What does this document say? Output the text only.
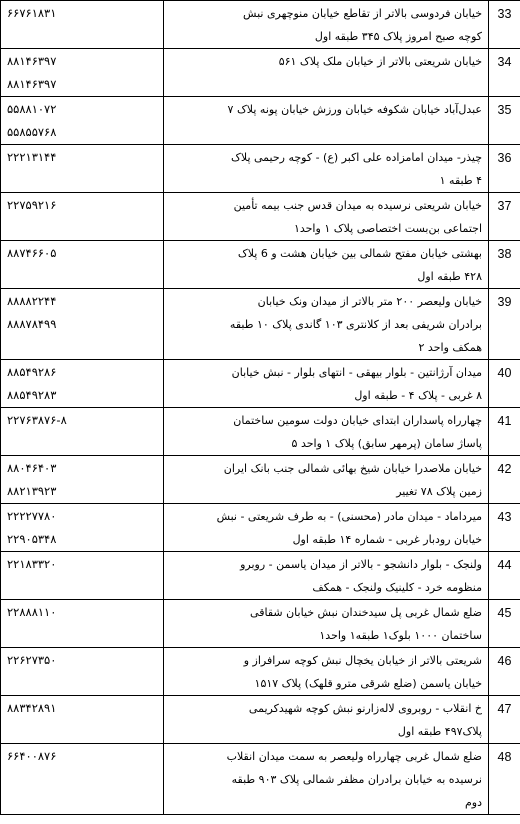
۶۶۷۶۱۸۳۱	خیابان فردوسی بالاتر از تقاطع خیابان منوچهری نبش
کوچه صبح امروز پلاک ۳۴۵ طبقه اول	33

۸۸۱۴۶۳۹۷
۸۸۱۴۶۳۹۷	خیابان شریعتی بالاتر از خیابان ملک پلاک ۵۶۱	34

۵۵۸۸۱۰۷۲
۵۵۸۵۵۷۶۸	عبدل‌آباد خیابان شکوفه خیابان ورزش خیابان پونه پلاک ۷	35

۲۲۲۱۳۱۴۴	چیذر- میدان امامزاده علی اکبر (ع) - کوچه رحیمی پلاک
۴ طبقه ۱	36

۲۲۷۵۹۲۱۶	خیابان شریعتی نرسیده به میدان قدس جنب بیمه تأمین
اجتماعی بن‌بست اختصاصی پلاک ۱ واحد۱	37

۸۸۷۴۶۶۰۵	بهشتی خیابان مفتح شمالی بین خیابان هشت و 6 پلاک
۴۲۸ طبقه اول	38

۸۸۸۸۲۲۴۴
۸۸۸۷۸۴۹۹	خیابان ولیعصر ۲۰۰ متر بالاتر از میدان ونک خیابان
برادران شریفی بعد از کلانتری ۱۰۳ گاندی پلاک ۱۰ طبقه
همکف واحد ۲	39

۸۸۵۴۹۲۸۶
۸۸۵۴۹۲۸۳	میدان آرژانتین - بلوار بیهقی - انتهای بلوار - نبش خیابان
۸ غربی - پلاک ۴ - طبقه اول	40

۲۲۷۶۳۸۷۶-۸	چهارراه پاسداران ابتدای خیابان دولت سومین ساختمان
پاساژ سامان (پرمهر سابق) پلاک ۱ واحد ۵	41

۸۸۰۴۶۴۰۳
۸۸۲۱۳۹۲۳	خیابان ملاصدرا خیابان شیخ بهائی شمالی جنب بانک ایران
زمین پلاک ۷۸ تغییر	42

۲۲۲۲۷۷۸۰
۲۲۹۰۵۳۴۸	میرداماد - میدان مادر (محسنی) - به طرف شریعتی - نبش
خیابان رودبار غربی - شماره ۱۴ طبقه اول	43

۲۲۱۸۳۳۲۰	ولنجک - بلوار دانشجو - بالاتر از میدان یاسمن - روبرو
منظومه خرد - کلینیک ولنجک - همکف	44

۲۲۸۸۸۱۱۰	ضلع شمال غربی پل سیدخندان نبش خیابان شقاقی
ساختمان ۱۰۰۰ بلوک۱ طبقه۱ واحد۱	45

۲۲۶۲۷۳۵۰	شریعتی بالاتر از خیابان یخچال نبش کوچه سرافراز و
خیابان یاسمن (ضلع شرقی مترو قلهک) پلاک ۱۵۱۷	46

۸۸۳۴۲۸۹۱	خ انقلاب - روبروی لاله‌زارنو نبش کوچه شهیدکریمی
پلاک۴۹۷ طبقه اول	47

۶۶۴۰۰۸۷۶	ضلع شمال غربی چهارراه ولیعصر به سمت میدان انقلاب
نرسیده به خیابان برادران مظفر شمالی پلاک ۹۰۳ طبقه
دوم	48
